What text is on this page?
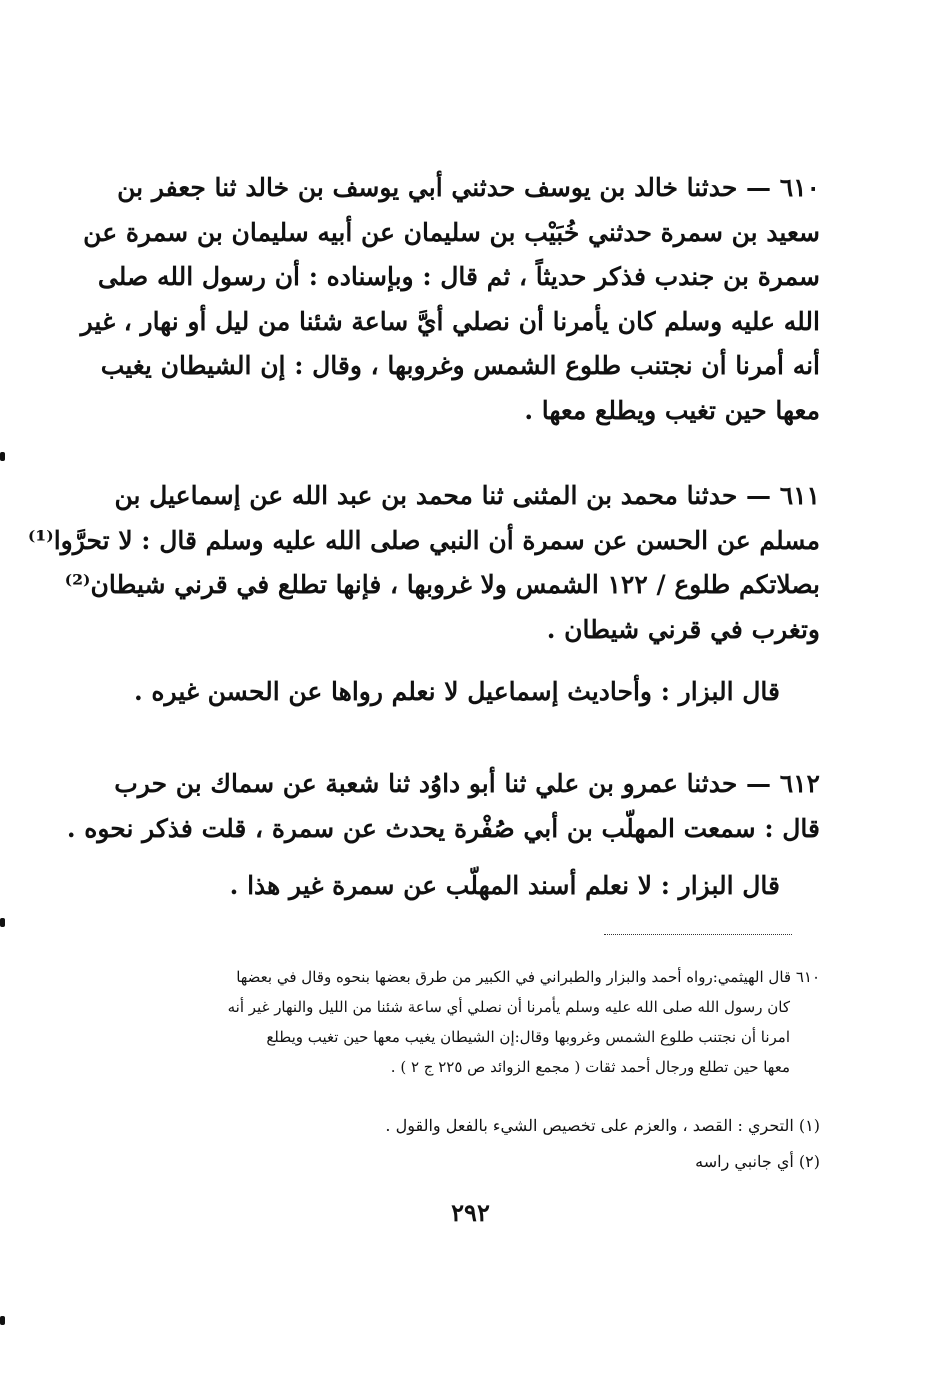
٦١٠ — حدثنا خالد بن يوسف حدثني أبي يوسف بن خالد ثنا جعفر بن
سعيد بن سمرة حدثني خُبَيْب بن سليمان عن أبيه سليمان بن سمرة عن
سمرة بن جندب فذكر حديثاً ، ثم قال : وبإسناده : أن رسول الله صلى
الله عليه وسلم كان يأمرنا أن نصلي أيَّ ساعة شئنا من ليل أو نهار ، غير
أنه أمرنا أن نجتنب طلوع الشمس وغروبها ، وقال : إن الشيطان يغيب
معها حين تغيب ويطلع معها .
٦١١ — حدثنا محمد بن المثنى ثنا محمد بن عبد الله عن إسماعيل بن
مسلم عن الحسن عن سمرة أن النبي صلى الله عليه وسلم قال : لا تحرَّوا⁽¹⁾
بصلاتكم طلوع / ١٢٢ الشمس ولا غروبها ، فإنها تطلع في قرني شيطان⁽²⁾
وتغرب في قرني شيطان .
قال البزار : وأحاديث إسماعيل لا نعلم رواها عن الحسن غيره .
٦١٢ — حدثنا عمرو بن علي ثنا أبو داوُد ثنا شعبة عن سماك بن حرب
قال : سمعت المهلّب بن أبي صُفْرة يحدث عن سمرة ، قلت فذكر نحوه .
قال البزار : لا نعلم أسند المهلّب عن سمرة غير هذا .
٦١٠ قال الهيثمي:رواه أحمد والبزار والطبراني في الكبير من طرق بعضها بنحوه وقال في بعضها
كان رسول الله صلى الله عليه وسلم يأمرنا أن نصلي أي ساعة شئنا من الليل والنهار غير أنه
امرنا أن نجتنب طلوع الشمس وغروبها وقال:إن الشيطان يغيب معها حين تغيب ويطلع
معها حين تطلع ورجال أحمد ثقات ( مجمع الزوائد ص ٢٢٥ ج ٢ ) .
(١) التحري : القصد ، والعزم على تخصيص الشيء بالفعل والقول .
(٢) أي جانبي راسه
٢٩٢
